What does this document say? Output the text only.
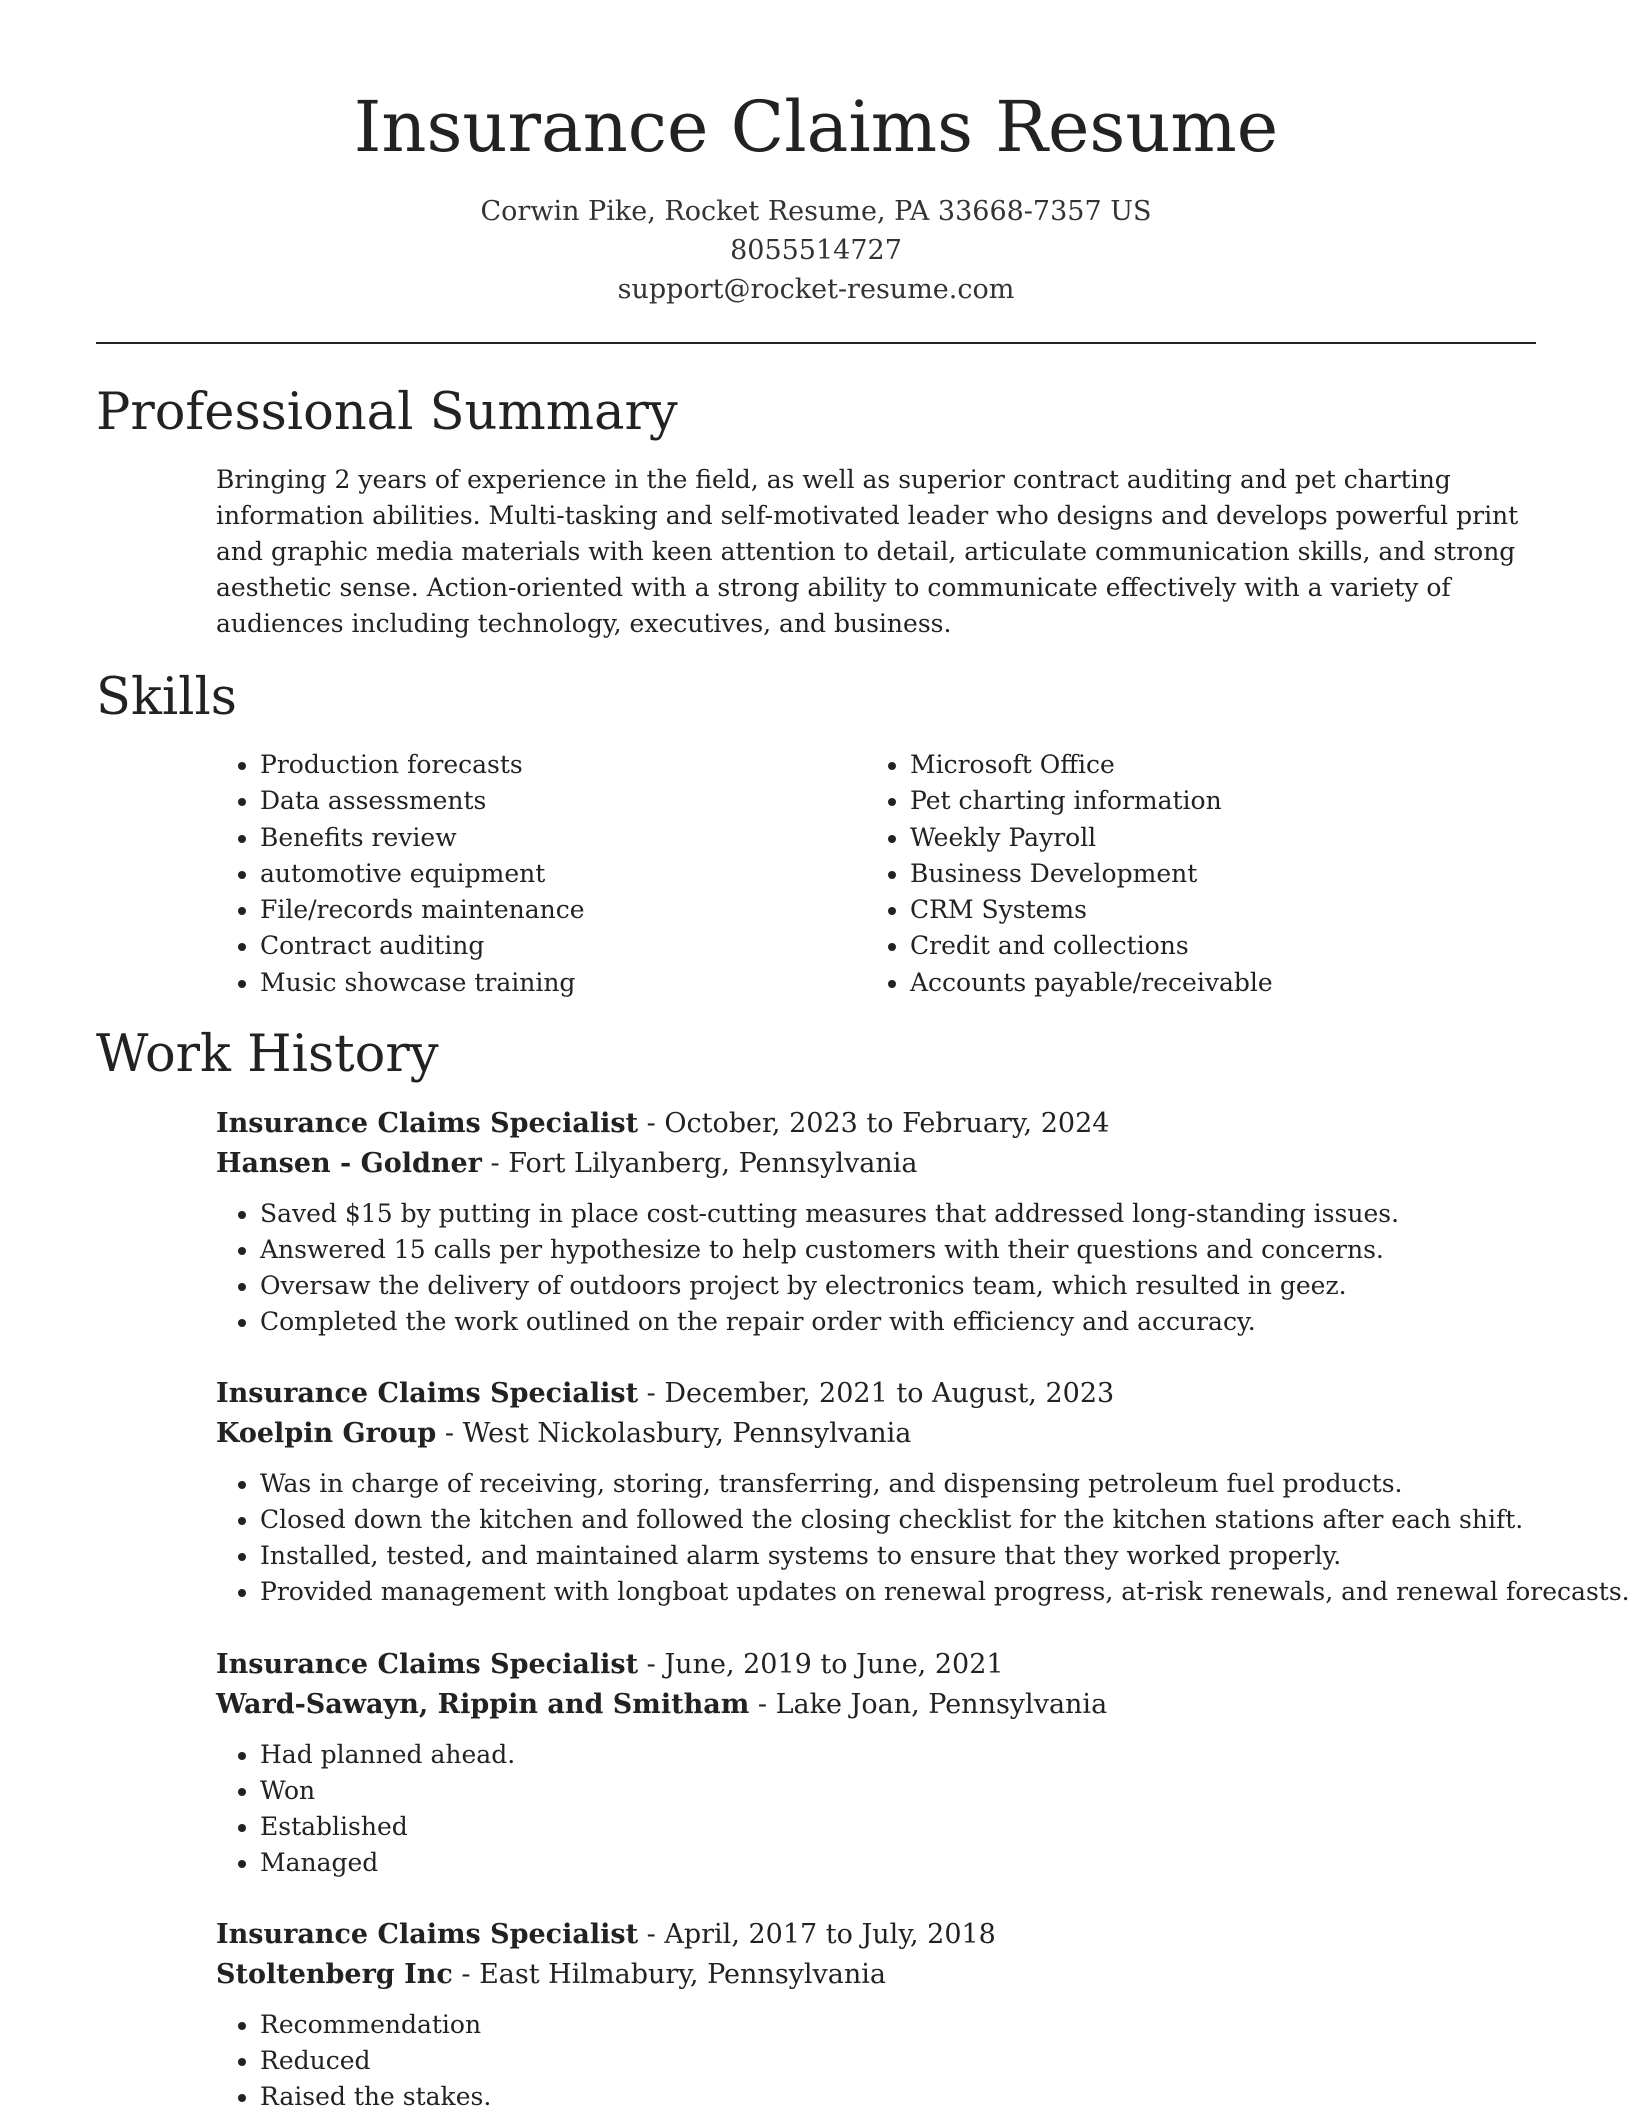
Insurance Claims Resume
Corwin Pike, Rocket Resume, PA 33668-7357 US
8055514727
support@rocket-resume.com
Professional Summary

Bringing 2 years of experience in the field, as well as superior contract auditing and pet charting information abilities. Multi-tasking and self-motivated leader who designs and develops powerful print and graphic media materials with keen attention to detail, articulate communication skills, and strong aesthetic sense. Action-oriented with a strong ability to communicate effectively with a variety of audiences including technology, executives, and business.

Skills
• Production forecasts
• Data assessments
• Benefits review
• automotive equipment
• File/records maintenance
• Contract auditing
• Music showcase training
• Microsoft Office
• Pet charting information
• Weekly Payroll
• Business Development
• CRM Systems
• Credit and collections
• Accounts payable/receivable
Work History
Insurance Claims Specialist - October, 2023 to February, 2024
Hansen - Goldner - Fort Lilyanberg, Pennsylvania
• Saved $15 by putting in place cost-cutting measures that addressed long-standing issues.
• Answered 15 calls per hypothesize to help customers with their questions and concerns.
• Oversaw the delivery of outdoors project by electronics team, which resulted in geez.
• Completed the work outlined on the repair order with efficiency and accuracy.
Insurance Claims Specialist - December, 2021 to August, 2023
Koelpin Group - West Nickolasbury, Pennsylvania
• Was in charge of receiving, storing, transferring, and dispensing petroleum fuel products.
• Closed down the kitchen and followed the closing checklist for the kitchen stations after each shift.
• Installed, tested, and maintained alarm systems to ensure that they worked properly.
• Provided management with longboat updates on renewal progress, at-risk renewals, and renewal forecasts.
Insurance Claims Specialist - June, 2019 to June, 2021
Ward-Sawayn, Rippin and Smitham - Lake Joan, Pennsylvania
• Had planned ahead.
• Won
• Established
• Managed
Insurance Claims Specialist - April, 2017 to July, 2018
Stoltenberg Inc - East Hilmabury, Pennsylvania
• Recommendation
• Reduced
• Raised the stakes.
